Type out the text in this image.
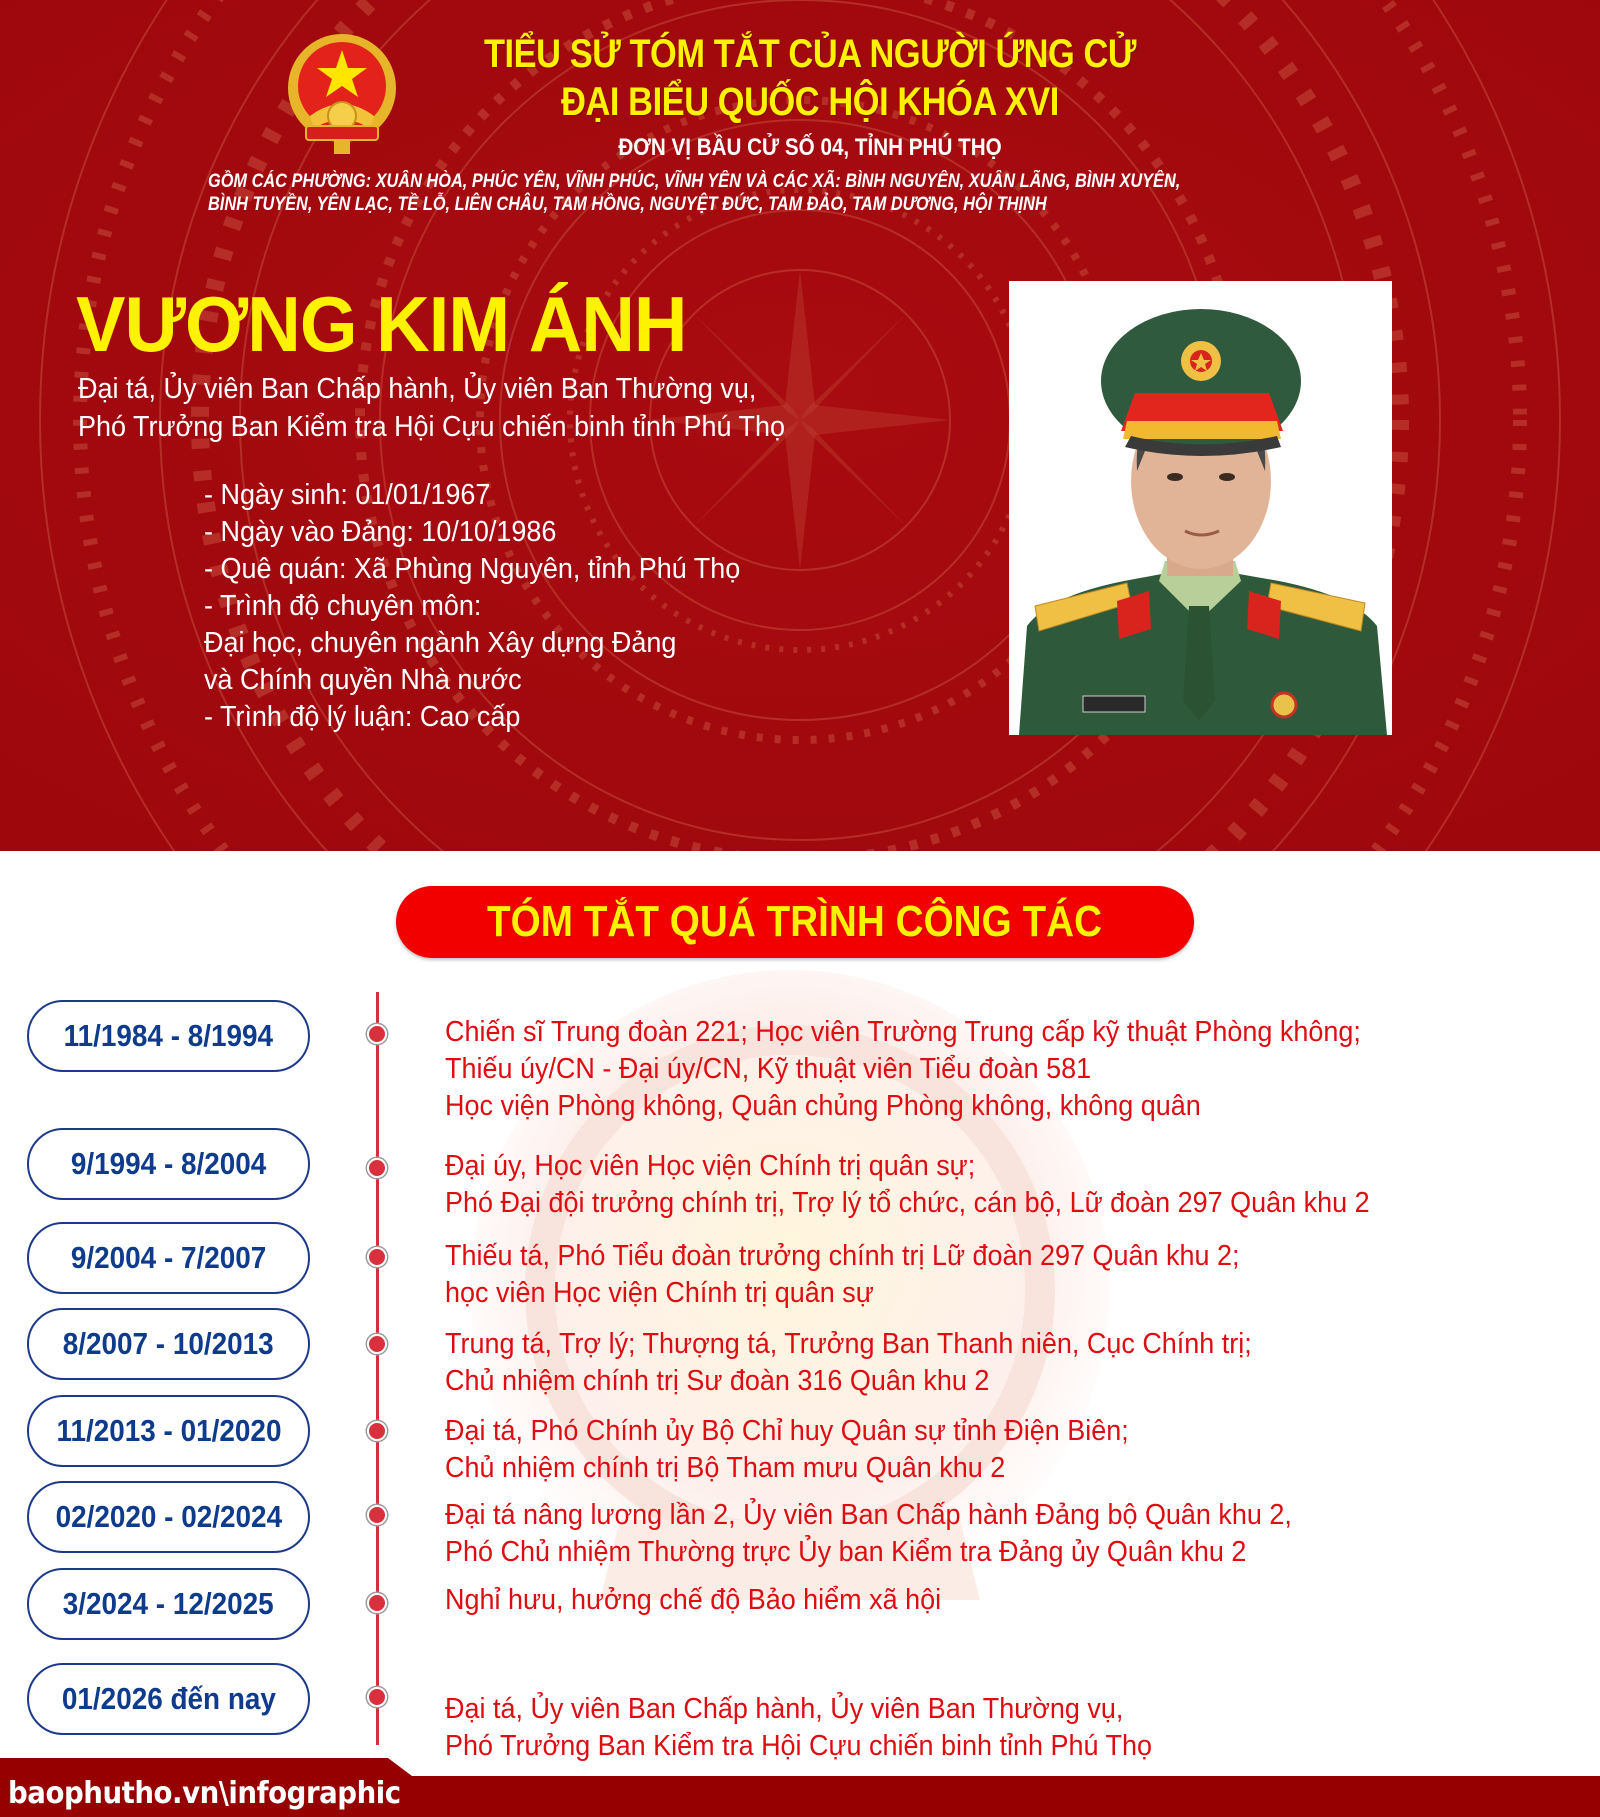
TIỂU SỬ TÓM TẮT CỦA NGƯỜI ỨNG CỬ
ĐẠI BIỂU QUỐC HỘI KHÓA XVI
ĐƠN VỊ BẦU CỬ SỐ 04, TỈNH PHÚ THỌ
GỒM CÁC PHƯỜNG: XUÂN HÒA, PHÚC YÊN, VĨNH PHÚC, VĨNH YÊN VÀ CÁC XÃ: BÌNH NGUYÊN, XUÂN LÃNG, BÌNH XUYÊN,
BÌNH TUYỀN, YÊN LẠC, TỀ LỖ, LIÊN CHÂU, TAM HỒNG, NGUYỆT ĐỨC, TAM ĐẢO, TAM DƯƠNG, HỘI THỊNH
VƯƠNG KIM ÁNH
Đại tá, Ủy viên Ban Chấp hành, Ủy viên Ban Thường vụ,
Phó Trưởng Ban Kiểm tra Hội Cựu chiến binh tỉnh Phú Thọ
- Ngày sinh: 01/01/1967
- Ngày vào Đảng: 10/10/1986
- Quê quán: Xã Phùng Nguyên, tỉnh Phú Thọ
- Trình độ chuyên môn:
Đại học, chuyên ngành Xây dựng Đảng
và Chính quyền Nhà nước
- Trình độ lý luận: Cao cấp
TÓM TẮT QUÁ TRÌNH CÔNG TÁC
11/1984 - 8/1994	Chiến sĩ Trung đoàn 221; Học viên Trường Trung cấp kỹ thuật Phòng không;
Thiếu úy/CN - Đại úy/CN, Kỹ thuật viên Tiểu đoàn 581
Học viện Phòng không, Quân chủng Phòng không, không quân
9/1994 - 8/2004	Đại úy, Học viên Học viện Chính trị quân sự;
Phó Đại đội trưởng chính trị, Trợ lý tổ chức, cán bộ, Lữ đoàn 297 Quân khu 2
9/2004 - 7/2007	Thiếu tá, Phó Tiểu đoàn trưởng chính trị Lữ đoàn 297 Quân khu 2;
học viên Học viện Chính trị quân sự
8/2007 - 10/2013	Trung tá, Trợ lý; Thượng tá, Trưởng Ban Thanh niên, Cục Chính trị;
Chủ nhiệm chính trị Sư đoàn 316 Quân khu 2
11/2013 - 01/2020	Đại tá, Phó Chính ủy Bộ Chỉ huy Quân sự tỉnh Điện Biên;
Chủ nhiệm chính trị Bộ Tham mưu Quân khu 2
02/2020 - 02/2024	Đại tá nâng lương lần 2, Ủy viên Ban Chấp hành Đảng bộ Quân khu 2,
Phó Chủ nhiệm Thường trực Ủy ban Kiểm tra Đảng ủy Quân khu 2
3/2024 - 12/2025	Nghỉ hưu, hưởng chế độ Bảo hiểm xã hội
01/2026 đến nay	Đại tá, Ủy viên Ban Chấp hành, Ủy viên Ban Thường vụ,
Phó Trưởng Ban Kiểm tra Hội Cựu chiến binh tỉnh Phú Thọ
baophutho.vn\infographic
